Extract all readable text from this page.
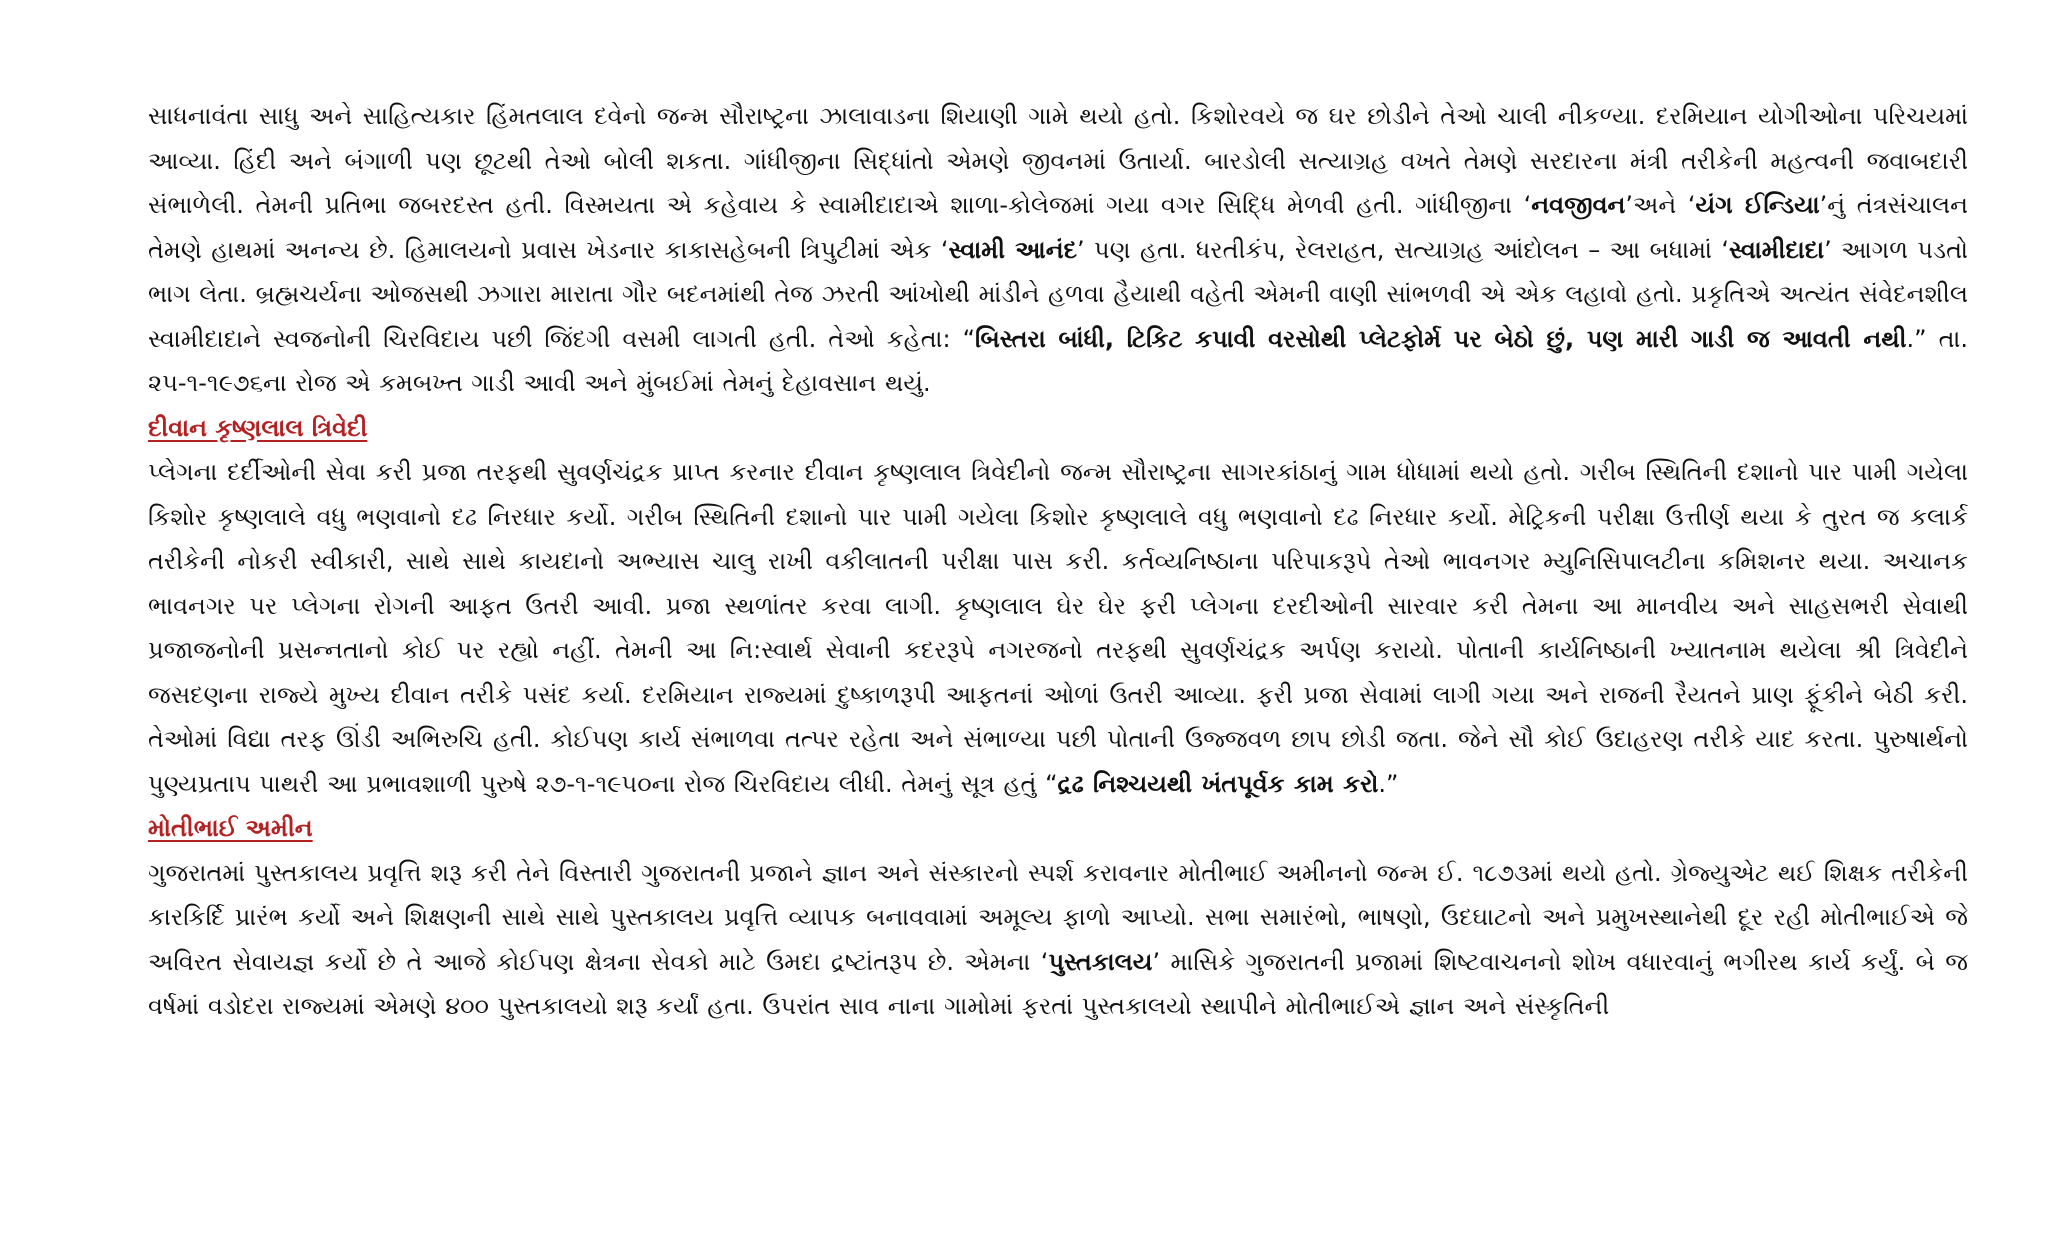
સાધનાવંતા સાધુ અને સાહિત્યકાર હિંમતલાલ દવેનો જન્મ સૌરાષ્ટ્રના ઝાલાવાડના શિયાણી ગામે થયો હતો. કિશોરવયે જ ઘર છોડીને તેઓ ચાલી નીકળ્યા. દરમિયાન યોગીઓના પરિચયમાં આવ્યા. હિંદી અને બંગાળી પણ છૂટથી તેઓ બોલી શકતા. ગાંધીજીના સિદ્ધાંતો એમણે જીવનમાં ઉતાર્યા. બારડોલી સત્યાગ્રહ વખતે તેમણે સરદારના મંત્રી તરીકેની મહત્વની જવાબદારી સંભાળેલી. તેમની પ્રતિભા જબરદસ્ત હતી. વિસ્મયતા એ કહેવાય કે સ્વામીદાદાએ શાળા-કોલેજમાં ગયા વગર સિદ્ધિ મેળવી હતી. ગાંધીજીના ‘નવજીવન’અને ‘યંગ ઈન્ડિયા’નું તંત્રસંચાલન તેમણે હાથમાં અનન્ય છે. હિમાલયનો પ્રવાસ ખેડનાર કાકાસહેબની ત્રિપુટીમાં એક ‘સ્વામી આનંદ’ પણ હતા. ધરતીકંપ, રેલરાહત, સત્યાગ્રહ આંદોલન – આ બધામાં ‘સ્વામીદાદા’ આગળ પડતો ભાગ લેતા. બ્રહ્મચર્યના ઓજસથી ઝગારા મારાતા ગૌર બદનમાંથી તેજ ઝરતી આંખોથી માંડીને હળવા હૈયાથી વહેતી એમની વાણી સાંભળવી એ એક લહાવો હતો. પ્રકૃતિએ અત્યંત સંવેદનશીલ સ્વામીદાદાને સ્વજનોની ચિરવિદાય પછી જિંદગી વસમી લાગતી હતી. તેઓ કહેતા: “બિસ્તરા બાંધી, ટિકિટ કપાવી વરસોથી પ્લેટફોર્મ પર બેઠો છું, પણ મારી ગાડી જ આવતી નથી.” તા. ૨૫-૧-૧૯૭૬ના રોજ એ કમબખ્ત ગાડી આવી અને મુંબઈમાં તેમનું દેહાવસાન થયું.

દીવાન કૃષ્ણલાલ ત્રિવેદી

પ્લેગના દર્દીઓની સેવા કરી પ્રજા તરફથી સુવર્ણચંદ્રક પ્રાપ્ત કરનાર દીવાન કૃષ્ણલાલ ત્રિવેદીનો જન્મ સૌરાષ્ટ્રના સાગરકાંઠાનું ગામ ધોધામાં થયો હતો. ગરીબ સ્થિતિની દશાનો પાર પામી ગયેલા કિશોર કૃષ્ણલાલે વધુ ભણવાનો દઢ નિરધાર કર્યો. ગરીબ સ્થિતિની દશાનો પાર પામી ગયેલા કિશોર કૃષ્ણલાલે વધુ ભણવાનો દઢ નિરધાર કર્યો. મેટ્રિકની પરીક્ષા ઉત્તીર્ણ થયા કે તુરત જ કલાર્ક તરીકેની નોકરી સ્વીકારી, સાથે સાથે કાયદાનો અભ્યાસ ચાલુ રાખી વકીલાતની પરીક્ષા પાસ કરી. કર્તવ્યનિષ્ઠાના પરિપાકરૂપે તેઓ ભાવનગર મ્યુનિસિપાલટીના કમિશનર થયા. અચાનક ભાવનગર પર પ્લેગના રોગની આફત ઉતરી આવી. પ્રજા સ્થળાંતર કરવા લાગી. કૃષ્ણલાલ ઘેર ઘેર ફરી પ્લેગના દરદીઓની સારવાર કરી તેમના આ માનવીય અને સાહસભરી સેવાથી પ્રજાજનોની પ્રસન્નતાનો કોઈ પર રહ્યો નહીં. તેમની આ નિ:સ્વાર્થ સેવાની કદરરૂપે નગરજનો તરફથી સુવર્ણચંદ્રક અર્પણ કરાયો. પોતાની કાર્યનિષ્ઠાની ખ્યાતનામ થયેલા શ્રી ત્રિવેદીને જસદણના રાજ્યે મુખ્ય દીવાન તરીકે પસંદ કર્યા. દરમિયાન રાજ્યમાં દુષ્કાળરૂપી આફતનાં ઓળાં ઉતરી આવ્યા. ફરી પ્રજા સેવામાં લાગી ગયા અને રાજની રૈયતને પ્રાણ ફૂંકીને બેઠી કરી. તેઓમાં વિદ્યા તરફ ઊંડી અભિરુચિ હતી. કોઈપણ કાર્ય સંભાળવા તત્પર રહેતા અને સંભાળ્યા પછી પોતાની ઉજ્જવળ છાપ છોડી જતા. જેને સૌ કોઈ ઉદાહરણ તરીકે યાદ કરતા. પુરુષાર્થનો પુણ્યપ્રતાપ પાથરી આ પ્રભાવશાળી પુરુષે ૨૭-૧-૧૯૫૦ના રોજ ચિરવિદાય લીધી. તેમનું સૂત્ર હતું “દ્રઢ નિશ્ચયથી ખંતપૂર્વક કામ કરો.”

મોતીભાઈ અમીન

ગુજરાતમાં પુસ્તકાલય પ્રવૃત્તિ શરૂ કરી તેને વિસ્તારી ગુજરાતની પ્રજાને જ્ઞાન અને સંસ્કારનો સ્પર્શ કરાવનાર મોતીભાઈ અમીનનો જન્મ ઈ. ૧૮૭૩માં થયો હતો. ગ્રેજ્યુએટ થઈ શિક્ષક તરીકેની કારકિર્દિ પ્રારંભ કર્યો અને શિક્ષણની સાથે સાથે પુસ્તકાલય પ્રવૃત્તિ વ્યાપક બનાવવામાં અમૂલ્ય ફાળો આપ્યો. સભા સમારંભો, ભાષણો, ઉદઘાટનો અને પ્રમુખસ્થાનેથી દૂર રહી મોતીભાઈએ જે અવિરત સેવાયજ્ઞ કર્યો છે તે આજે કોઈપણ ક્ષેત્રના સેવકો માટે ઉમદા દ્રષ્ટાંતરૂપ છે. એમના ‘પુસ્તકાલય’ માસિકે ગુજરાતની પ્રજામાં શિષ્ટવાચનનો શોખ વધારવાનું ભગીરથ કાર્ય કર્યું. બે જ વર્ષમાં વડોદરા રાજ્યમાં એમણે ૪૦૦ પુસ્તકાલયો શરૂ કર્યાં હતા. ઉપરાંત સાવ નાના ગામોમાં ફરતાં પુસ્તકાલયો સ્થાપીને મોતીભાઈએ જ્ઞાન અને સંસ્કૃતિની
